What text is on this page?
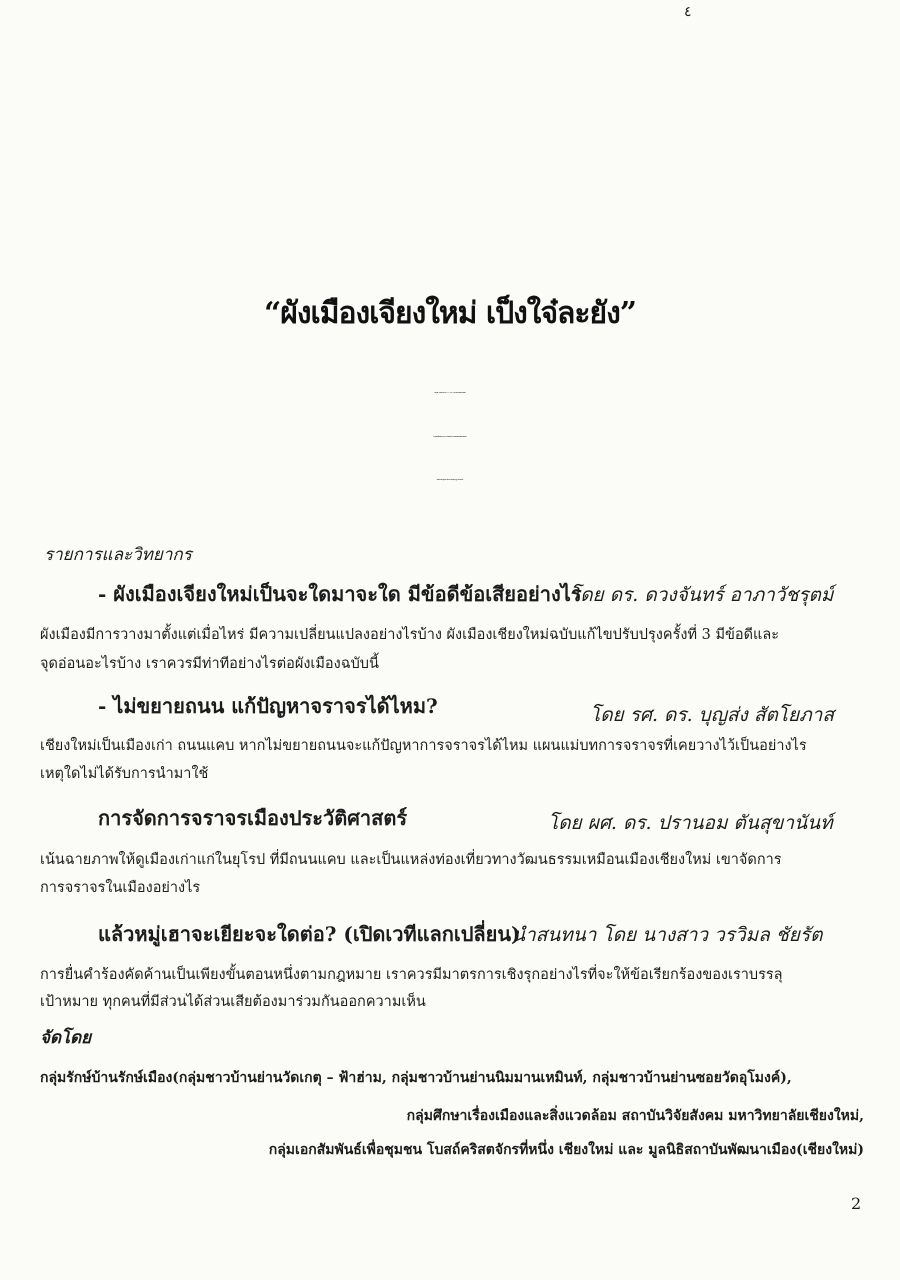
٤
“ผังเมืองเจียงใหม่ เป็งใจ๋ละยัง”
วันศุกร์ที่ 7 พฤศจิกายน พ.ศ. 2551 เวลา 1 ทุ่ม ลงทะเบียนแลงหกโมงกึ่ง
ห้องจันทร์เป็ง อินทิราวุธ (อาคารใหม่ด้านใต้) โบสถ์คริสตจักรที่หนึ่ง เชียงใหม่
เชิงสะพานนวรัฐด้านตะวันออก ถนนเจริญราษฎร์ ตำบลวัดเกต
รายการและวิทยากร
- ผังเมืองเจียงใหม่เป็นจะใดมาจะใด มีข้อดีข้อเสียอย่างไร
โดย ดร. ดวงจันทร์ อาภาวัชรุตม์
ผังเมืองมีการวางมาตั้งแต่เมื่อไหร่ มีความเปลี่ยนแปลงอย่างไรบ้าง ผังเมืองเชียงใหม่ฉบับแก้ไขปรับปรุงครั้งที่ 3 มีข้อดีและ
จุดอ่อนอะไรบ้าง เราควรมีท่าทีอย่างไรต่อผังเมืองฉบับนี้
- ไม่ขยายถนน แก้ปัญหาจราจรได้ไหม?	โดย รศ. ดร. บุญส่ง สัตโยภาส
เชียงใหม่เป็นเมืองเก่า ถนนแคบ หากไม่ขยายถนนจะแก้ปัญหาการจราจรได้ไหม แผนแม่บทการจราจรที่เคยวางไว้เป็นอย่างไร
เหตุใดไม่ได้รับการนำมาใช้
การจัดการจราจรเมืองประวัติศาสตร์	โดย ผศ. ดร. ปรานอม ตันสุขานันท์
เน้นฉายภาพให้ดูเมืองเก่าแก่ในยุโรป ที่มีถนนแคบ และเป็นแหล่งท่องเที่ยวทางวัฒนธรรมเหมือนเมืองเชียงใหม่ เขาจัดการ
การจราจรในเมืองอย่างไร
แล้วหมู่เฮาจะเยียะจะใดต่อ? (เปิดเวทีแลกเปลี่ยน)
นำสนทนา โดย นางสาว วรวิมล ชัยรัต
การยื่นคำร้องคัดค้านเป็นเพียงขั้นตอนหนึ่งตามกฎหมาย เราควรมีมาตรการเชิงรุกอย่างไรที่จะให้ข้อเรียกร้องของเราบรรลุ
เป้าหมาย ทุกคนที่มีส่วนได้ส่วนเสียต้องมาร่วมกันออกความเห็น
จัดโดย
กลุ่มรักษ์บ้านรักษ์เมือง(กลุ่มชาวบ้านย่านวัดเกตุ – ฟ้าฮ่าม, กลุ่มชาวบ้านย่านนิมมานเหมินท์, กลุ่มชาวบ้านย่านซอยวัดอุโมงค์),
กลุ่มศึกษาเรื่องเมืองและสิ่งแวดล้อม สถาบันวิจัยสังคม มหาวิทยาลัยเชียงใหม่,
กลุ่มเอกสัมพันธ์เพื่อชุมชน โบสถ์คริสตจักรที่หนึ่ง เชียงใหม่ และ มูลนิธิสถาบันพัฒนาเมือง(เชียงใหม่)
2
